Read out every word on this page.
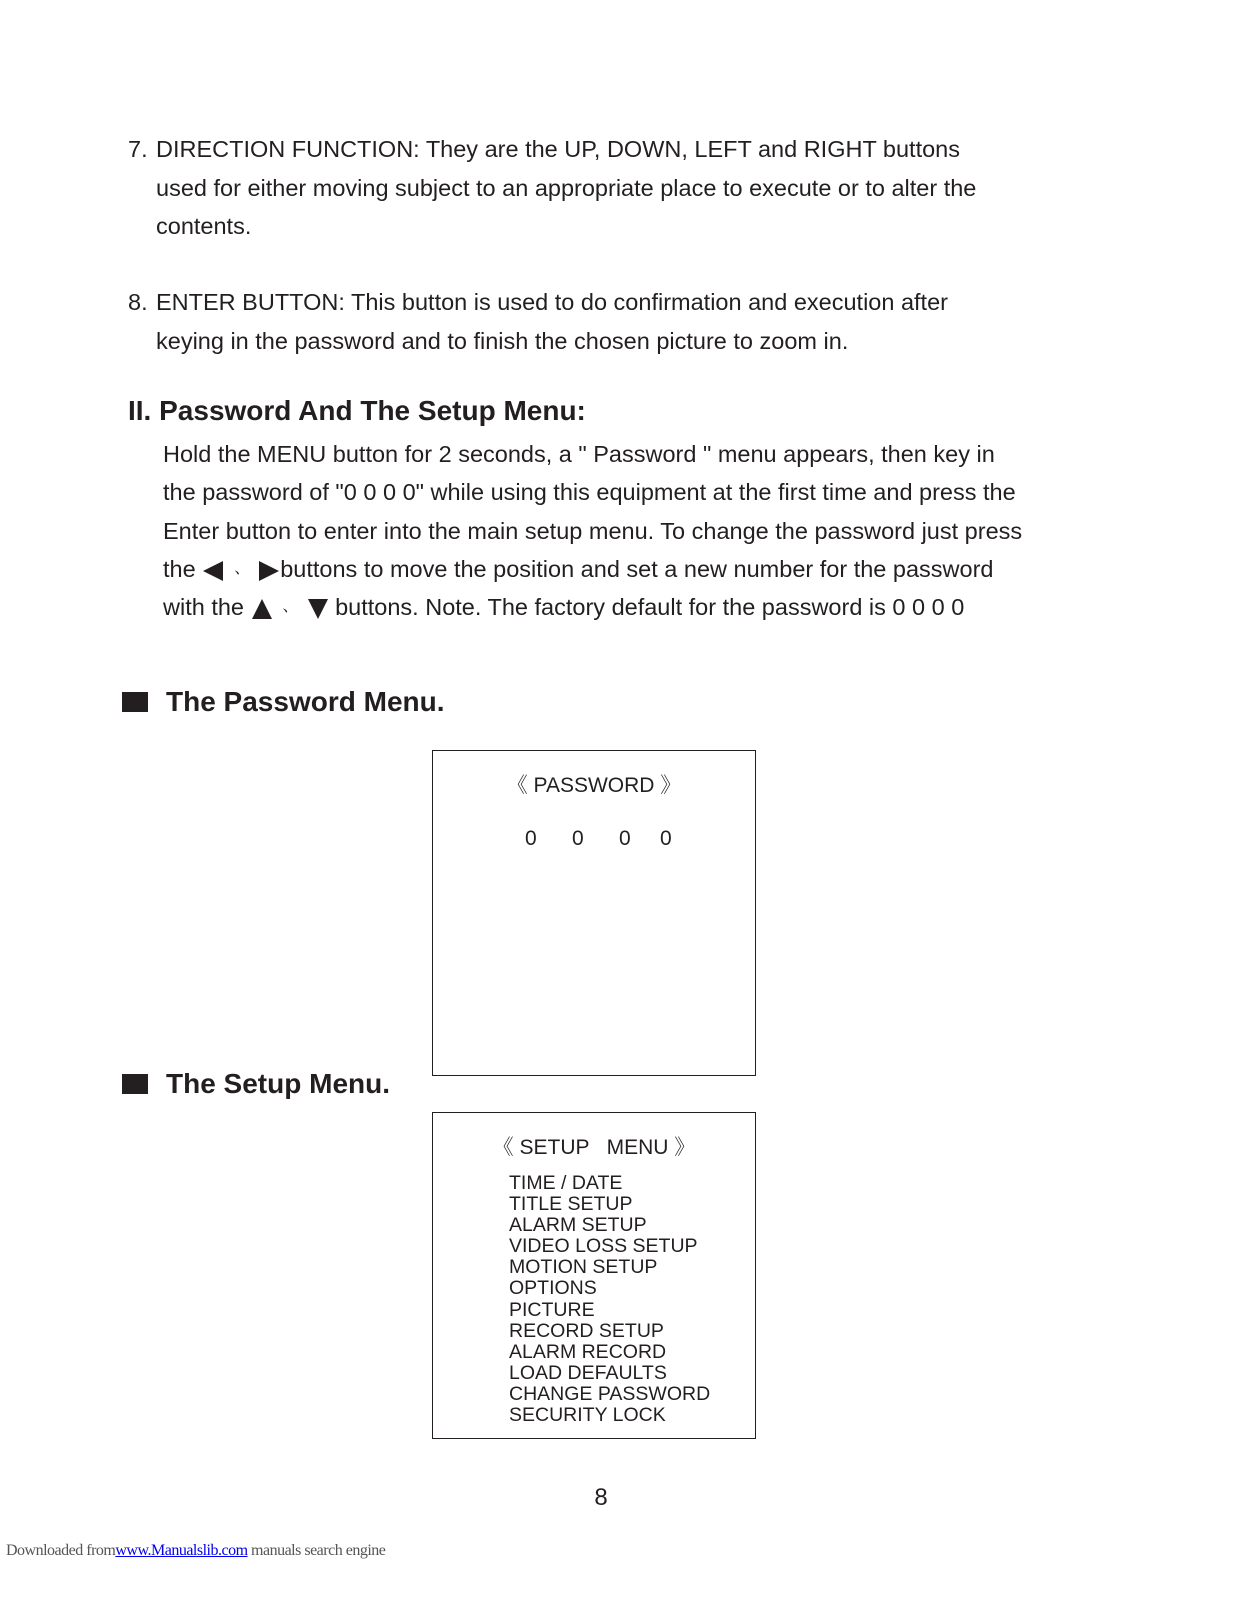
7. DIRECTION FUNCTION: They are the UP, DOWN, LEFT and RIGHT buttons
used for either moving subject to an appropriate place to execute or to alter the
contents.
8. ENTER BUTTON: This button is used to do confirmation and execution after
keying in the password and to finish the chosen picture to zoom in.
II. Password And The Setup Menu:
Hold the MENU button for 2 seconds, a " Password " menu appears, then key in
the password of "0 0 0 0" while using this equipment at the first time and press the
Enter button to enter into the main setup menu. To change the password just press
the 、 buttons to move the position and set a new number for the password
with the 、 buttons. Note. The factory default for the password is 0 0 0 0
The Password Menu.
《 PASSWORD 》
0 0 0 0
The Setup Menu.
《 SETUP   MENU 》
TIME / DATE
TITLE SETUP
ALARM SETUP
VIDEO LOSS SETUP
MOTION SETUP
OPTIONS
PICTURE
RECORD SETUP
ALARM RECORD
LOAD DEFAULTS
CHANGE PASSWORD
SECURITY LOCK
8
Downloaded fromwww.Manualslib.com manuals search engine
